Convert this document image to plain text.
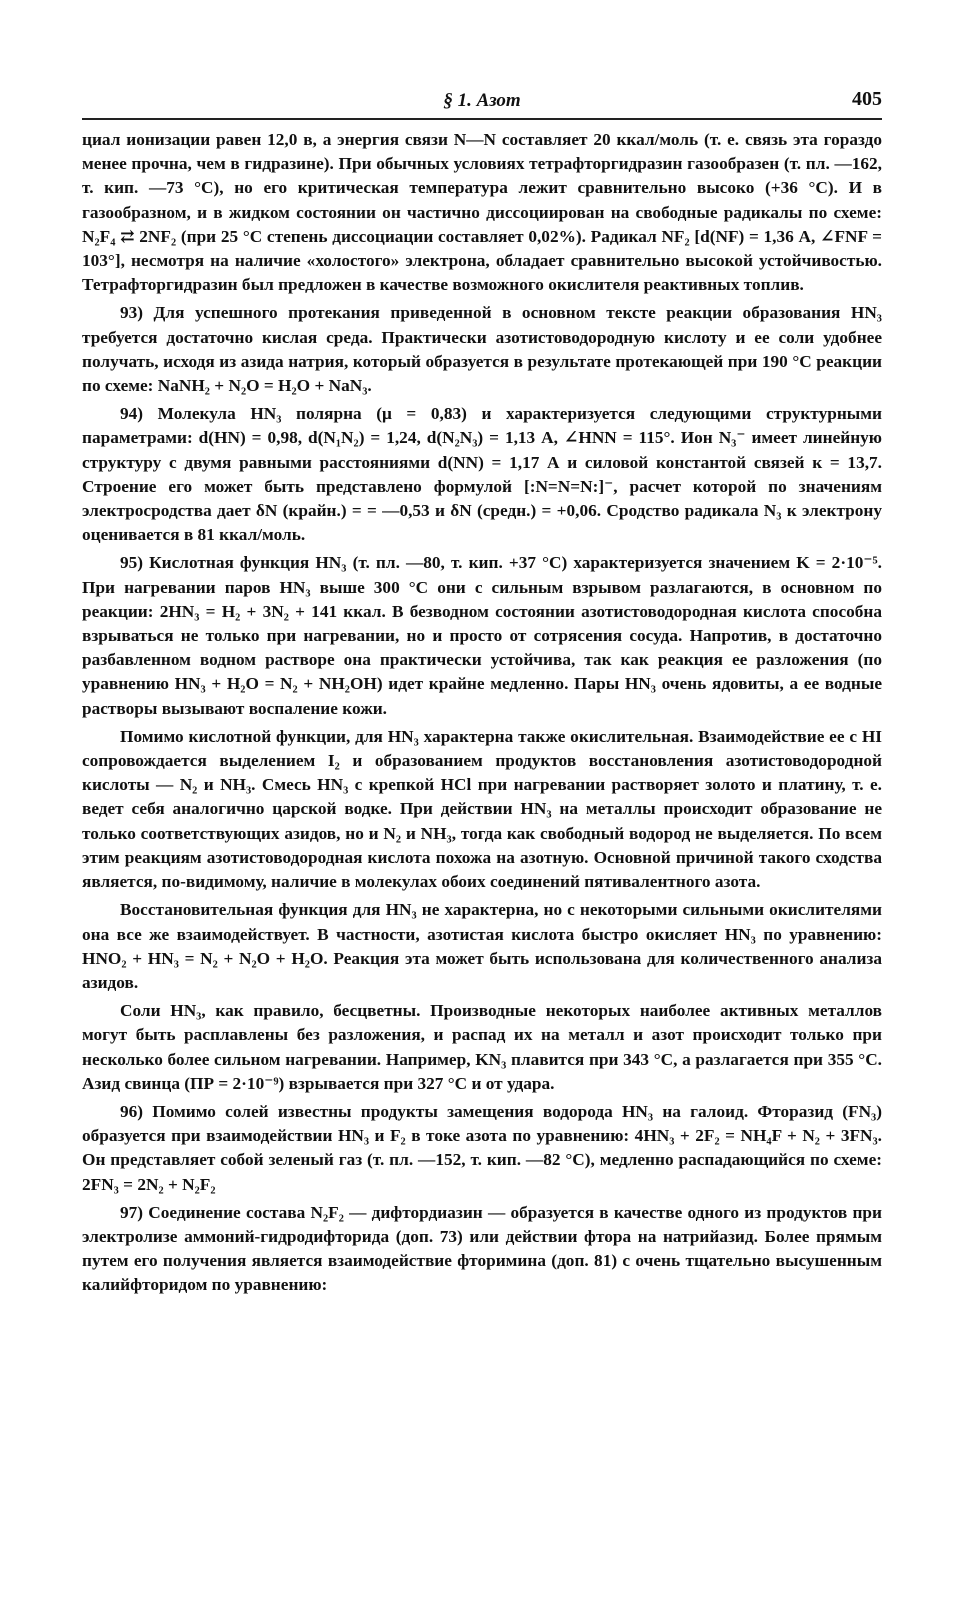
§ 1. Азот	405

циал ионизации равен 12,0 в, а энергия связи N—N составляет 20 ккал/моль (т. е. связь эта гораздо менее прочна, чем в гидразине). При обычных условиях тетрафторгидразин газообразен (т. пл. —162, т. кип. —73 °С), но его критическая температура лежит сравнительно высоко (+36 °С). И в газообразном, и в жидком состоянии он частично диссоциирован на свободные радикалы по схеме: N₂F₄ ⇄ 2NF₂ (при 25 °С степень диссоциации составляет 0,02%). Радикал NF₂ [d(NF) = 1,36 А, ∠FNF = 103°], несмотря на наличие «холостого» электрона, обладает сравнительно высокой устойчивостью. Тетрафторгидразин был предложен в качестве возможного окислителя реактивных топлив.

93) Для успешного протекания приведенной в основном тексте реакции образования HN₃ требуется достаточно кислая среда. Практически азотистоводородную кислоту и ее соли удобнее получать, исходя из азида натрия, который образуется в результате протекающей при 190 °С реакции по схеме: NaNH₂ + N₂O = H₂O + NaN₃.

94) Молекула HN₃ полярна (μ = 0,83) и характеризуется следующими структурными параметрами: d(HN) = 0,98, d(N₁N₂) = 1,24, d(N₂N₃) = 1,13 А, ∠HNN = 115°. Ион N₃⁻ имеет линейную структуру с двумя равными расстояниями d(NN) = 1,17 А и силовой константой связей к = 13,7. Строение его может быть представлено формулой [:N=N=N:]⁻, расчет которой по значениям электросродства дает δN (крайн.) = = —0,53 и δN (средн.) = +0,06. Сродство радикала N₃ к электрону оценивается в 81 ккал/моль.

95) Кислотная функция HN₃ (т. пл. —80, т. кип. +37 °С) характеризуется значением K = 2·10⁻⁵. При нагревании паров HN₃ выше 300 °С они с сильным взрывом разлагаются, в основном по реакции: 2HN₃ = H₂ + 3N₂ + 141 ккал. В безводном состоянии азотистоводородная кислота способна взрываться не только при нагревании, но и просто от сотрясения сосуда. Напротив, в достаточно разбавленном водном растворе она практически устойчива, так как реакция ее разложения (по уравнению HN₃ + H₂O = N₂ + NH₂OH) идет крайне медленно. Пары HN₃ очень ядовиты, а ее водные растворы вызывают воспаление кожи.

Помимо кислотной функции, для HN₃ характерна также окислительная. Взаимодействие ее с HI сопровождается выделением I₂ и образованием продуктов восстановления азотистоводородной кислоты — N₂ и NH₃. Смесь HN₃ с крепкой HCl при нагревании растворяет золото и платину, т. е. ведет себя аналогично царской водке. При действии HN₃ на металлы происходит образование не только соответствующих азидов, но и N₂ и NH₃, тогда как свободный водород не выделяется. По всем этим реакциям азотистоводородная кислота похожа на азотную. Основной причиной такого сходства является, по-видимому, наличие в молекулах обоих соединений пятивалентного азота.

Восстановительная функция для HN₃ не характерна, но с некоторыми сильными окислителями она все же взаимодействует. В частности, азотистая кислота быстро окисляет HN₃ по уравнению: HNO₂ + HN₃ = N₂ + N₂O + H₂O. Реакция эта может быть использована для количественного анализа азидов.

Соли HN₃, как правило, бесцветны. Производные некоторых наиболее активных металлов могут быть расплавлены без разложения, и распад их на металл и азот происходит только при несколько более сильном нагревании. Например, KN₃ плавится при 343 °С, а разлагается при 355 °С. Азид свинца (ПР = 2·10⁻⁹) взрывается при 327 °С и от удара.

96) Помимо солей известны продукты замещения водорода HN₃ на галоид. Фторазид (FN₃) образуется при взаимодействии HN₃ и F₂ в токе азота по уравнению: 4HN₃ + 2F₂ = NH₄F + N₂ + 3FN₃. Он представляет собой зеленый газ (т. пл. —152, т. кип. —82 °С), медленно распадающийся по схеме: 2FN₃ = 2N₂ + N₂F₂

97) Соединение состава N₂F₂ — дифтордиазин — образуется в качестве одного из продуктов при электролизе аммоний-гидродифторида (доп. 73) или действии фтора на натрийазид. Более прямым путем его получения является взаимодействие фторимина (доп. 81) с очень тщательно высушенным калийфторидом по уравнению:
